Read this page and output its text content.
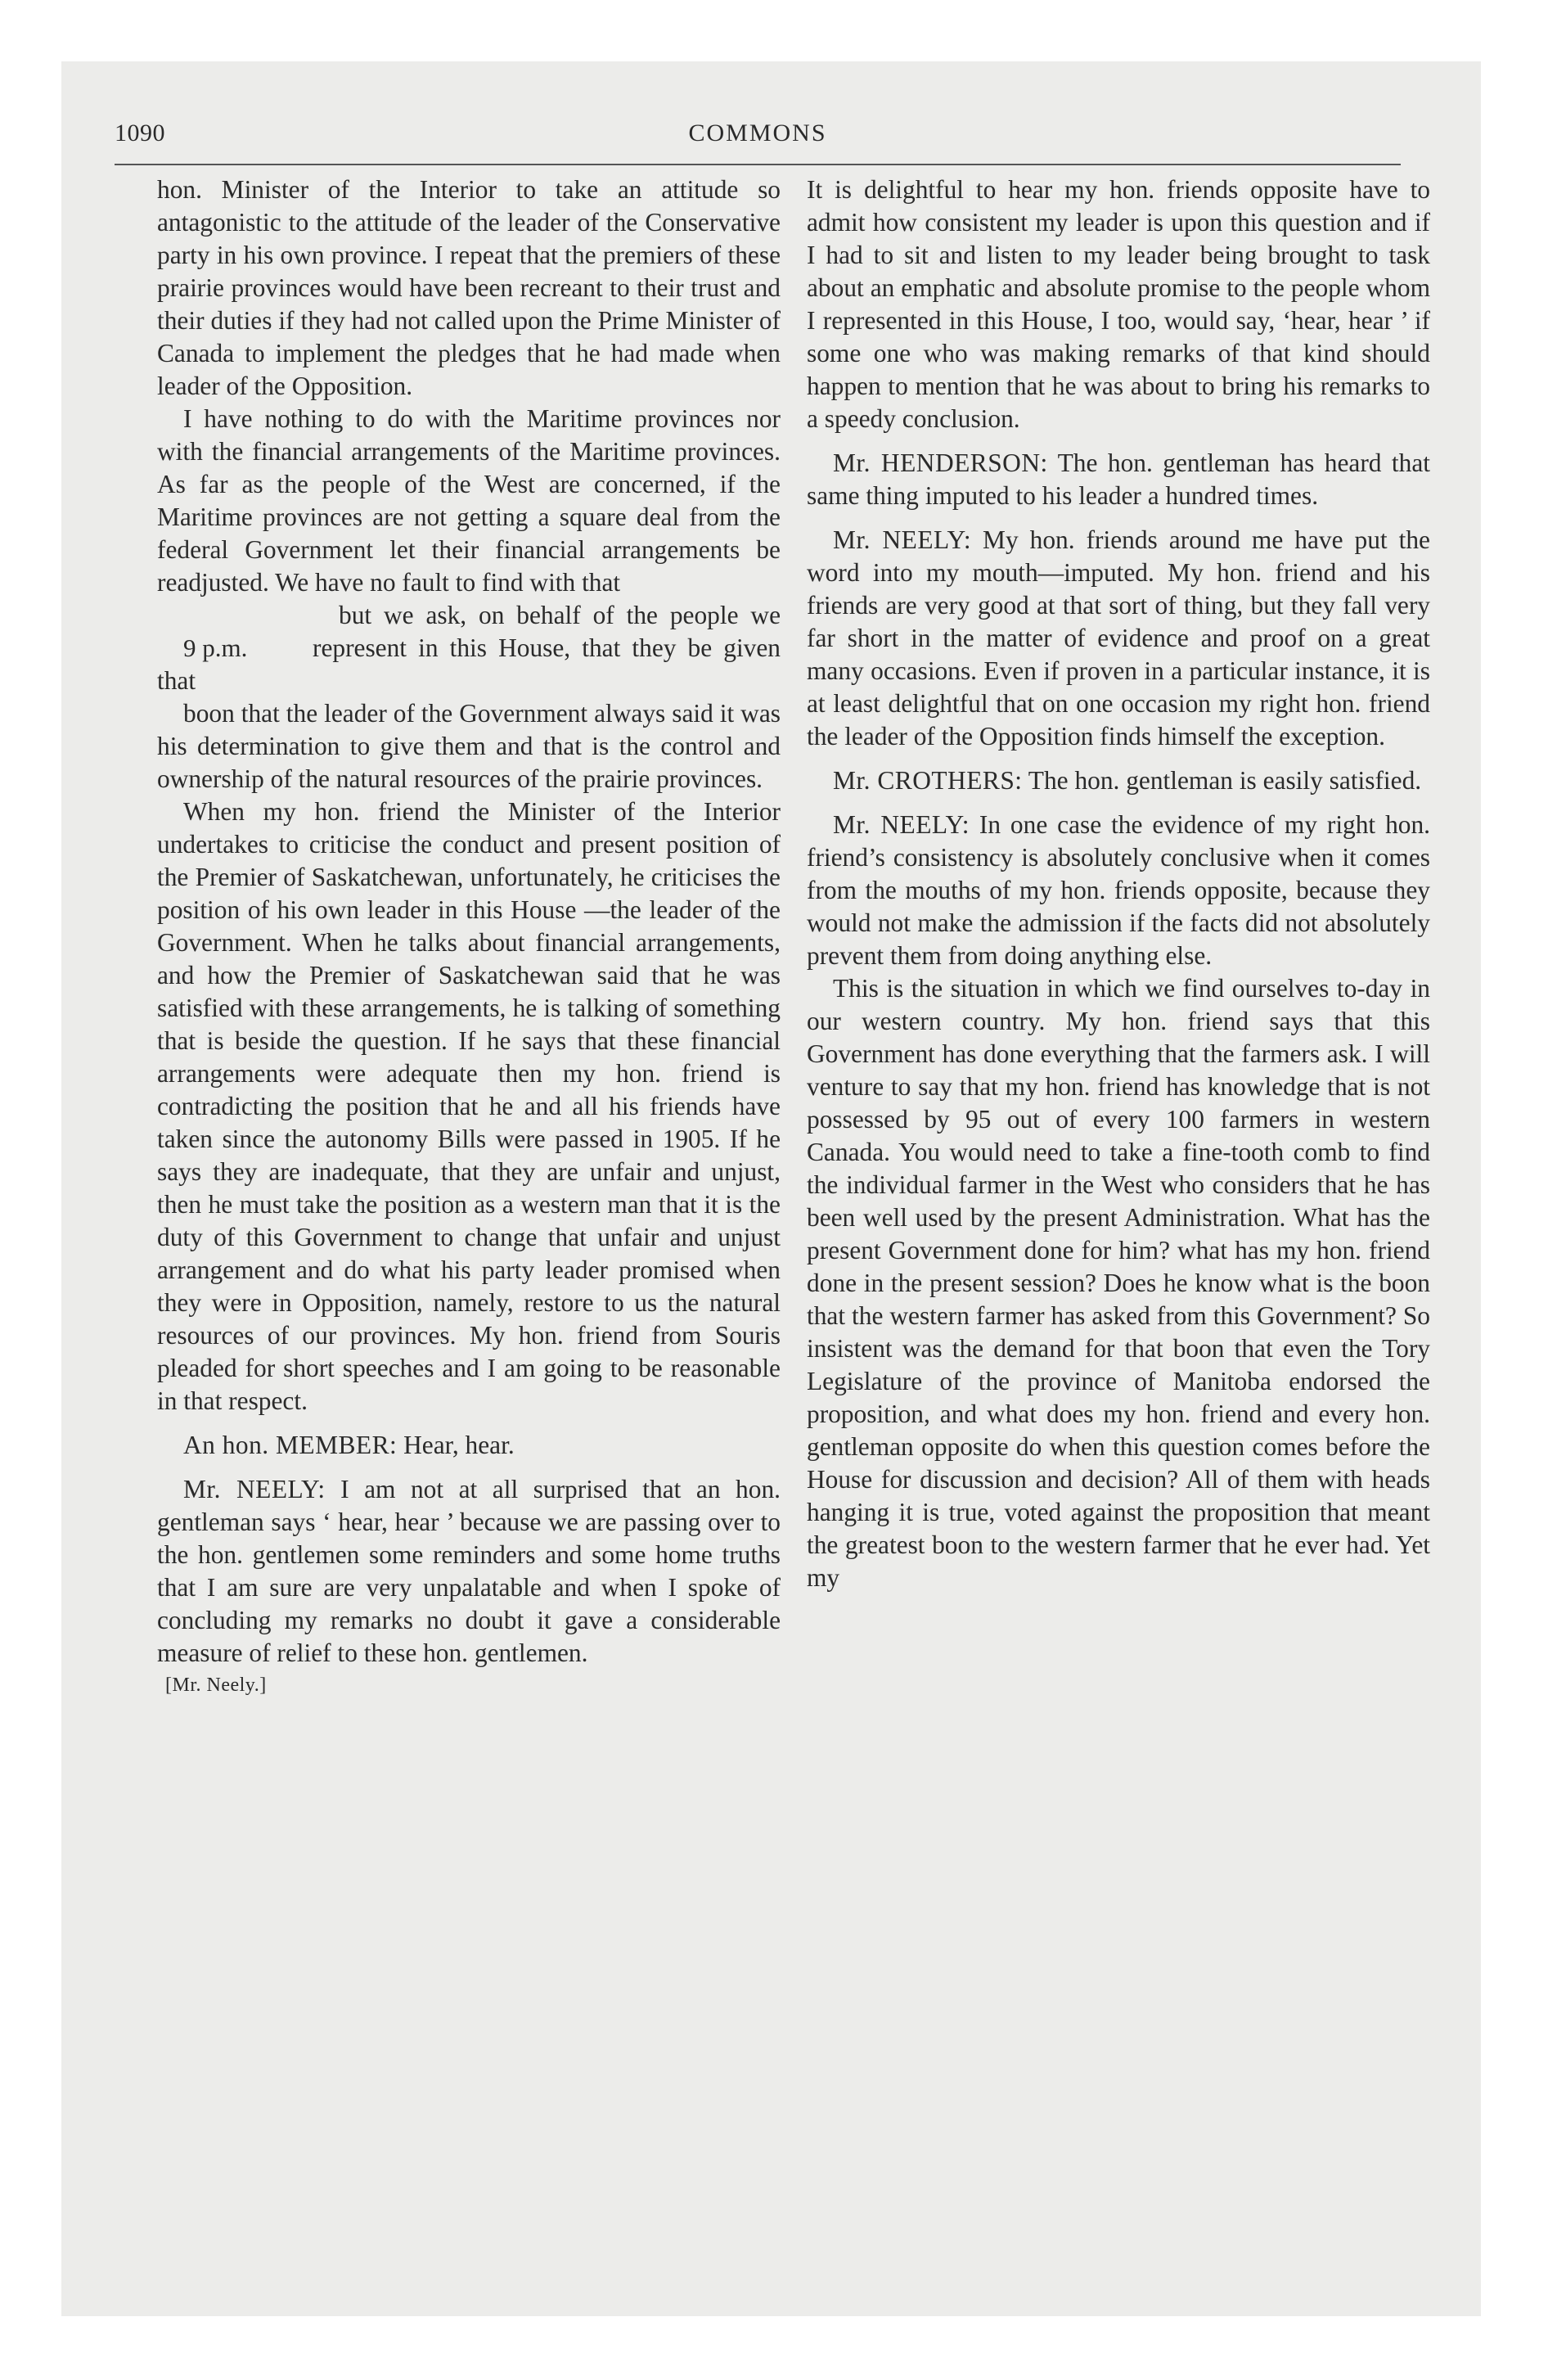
1090	COMMONS

hon. Minister of the Interior to take an attitude so antagonistic to the attitude of the leader of the Conservative party in his own province. I repeat that the premiers of these prairie provinces would have been recreant to their trust and their duties if they had not called upon the Prime Minister of Canada to implement the pledges that he had made when leader of the Opposition.

I have nothing to do with the Maritime provinces nor with the financial arrangements of the Maritime provinces. As far as the people of the West are concerned, if the Maritime provinces are not getting a square deal from the federal Government let their financial arrangements be readjusted. We have no fault to find with that

9 p.m.

but we ask, on behalf of the people we represent in this House, that they be given that

boon that the leader of the Government always said it was his determination to give them and that is the control and ownership of the natural resources of the prairie provinces.

When my hon. friend the Minister of the Interior undertakes to criticise the conduct and present position of the Premier of Saskatchewan, unfortunately, he criticises the position of his own leader in this House —the leader of the Government. When he talks about financial arrangements, and how the Premier of Saskatchewan said that he was satisfied with these arrangements, he is talking of something that is beside the question. If he says that these financial arrangements were adequate then my hon. friend is contradicting the position that he and all his friends have taken since the autonomy Bills were passed in 1905. If he says they are inadequate, that they are unfair and unjust, then he must take the position as a western man that it is the duty of this Government to change that unfair and unjust arrangement and do what his party leader promised when they were in Opposition, namely, restore to us the natural resources of our provinces. My hon. friend from Souris pleaded for short speeches and I am going to be reasonable in that respect.

An hon. MEMBER: Hear, hear.

Mr. NEELY: I am not at all surprised that an hon. gentleman says ‘ hear, hear ’ because we are passing over to the hon. gentlemen some reminders and some home truths that I am sure are very unpalatable and when I spoke of concluding my remarks no doubt it gave a considerable measure of relief to these hon. gentlemen.

[Mr. Neely.]

It is delightful to hear my hon. friends opposite have to admit how consistent my leader is upon this question and if I had to sit and listen to my leader being brought to task about an emphatic and absolute promise to the people whom I represented in this House, I too, would say, ‘hear, hear ’ if some one who was making remarks of that kind should happen to mention that he was about to bring his remarks to a speedy conclusion.

Mr. HENDERSON: The hon. gentleman has heard that same thing imputed to his leader a hundred times.

Mr. NEELY: My hon. friends around me have put the word into my mouth—imputed. My hon. friend and his friends are very good at that sort of thing, but they fall very far short in the matter of evidence and proof on a great many occasions. Even if proven in a particular instance, it is at least delightful that on one occasion my right hon. friend the leader of the Opposition finds himself the exception.

Mr. CROTHERS: The hon. gentleman is easily satisfied.

Mr. NEELY: In one case the evidence of my right hon. friend’s consistency is absolutely conclusive when it comes from the mouths of my hon. friends opposite, because they would not make the admission if the facts did not absolutely prevent them from doing anything else.

This is the situation in which we find ourselves to-day in our western country. My hon. friend says that this Government has done everything that the farmers ask. I will venture to say that my hon. friend has knowledge that is not possessed by 95 out of every 100 farmers in western Canada. You would need to take a fine-tooth comb to find the individual farmer in the West who considers that he has been well used by the present Administration. What has the present Government done for him? what has my hon. friend done in the present session? Does he know what is the boon that the western farmer has asked from this Government? So insistent was the demand for that boon that even the Tory Legislature of the province of Manitoba endorsed the proposition, and what does my hon. friend and every hon. gentleman opposite do when this question comes before the House for discussion and decision? All of them with heads hanging it is true, voted against the proposition that meant the greatest boon to the western farmer that he ever had. Yet my
